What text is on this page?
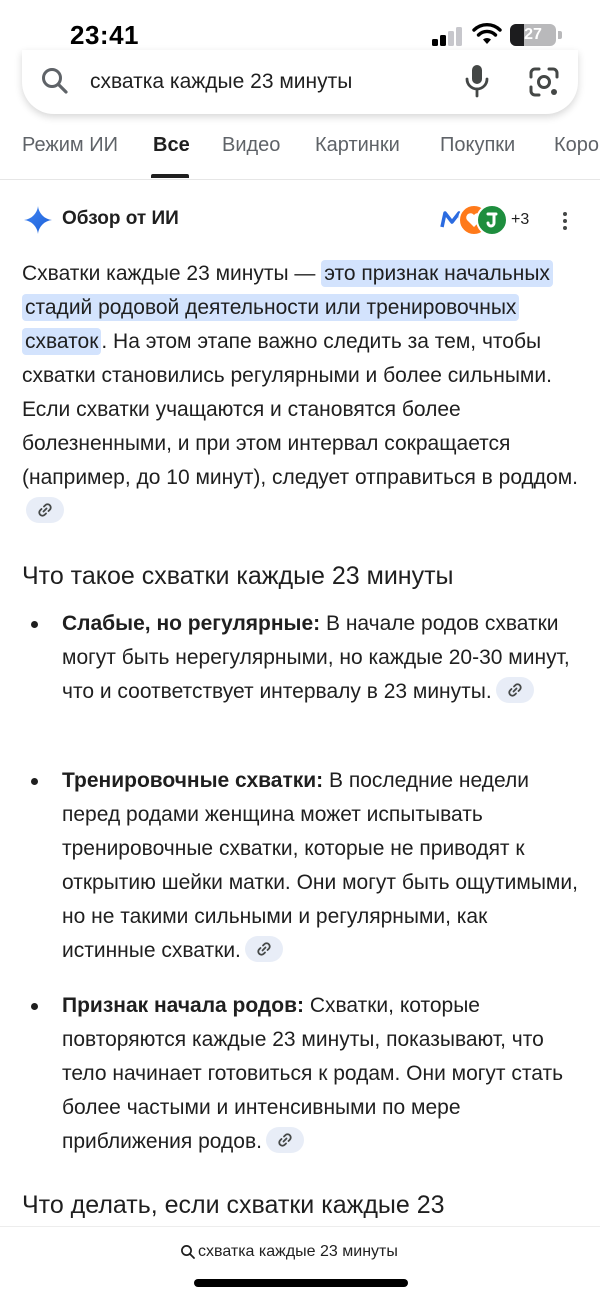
23:41	27
схватка каждые 23 минуты
Режим ИИ Все Видео Картинки Покупки Коро
Обзор от ИИ	+3
Схватки каждые 23 минуты — это признак начальных стадий родовой деятельности или тренировочных схваток . На этом этапе важно следить за тем, чтобы схватки становились регулярными и более сильными. Если схватки учащаются и становятся более болезненными, и при этом интервал сокращается (например, до 10 минут), следует отправиться в роддом.
Что такое схватки каждые 23 минуты
Слабые, но регулярные: В начале родов схватки могут быть нерегулярными, но каждые 20-30 минут, что и соответствует интервалу в 23 минуты.
Тренировочные схватки: В последние недели перед родами женщина может испытывать тренировочные схватки, которые не приводят к открытию шейки матки. Они могут быть ощутимыми, но не такими сильными и регулярными, как истинные схватки.
Признак начала родов: Схватки, которые повторяются каждые 23 минуты, показывают, что тело начинает готовиться к родам. Они могут стать более частыми и интенсивными по мере приближения родов.
Что делать, если схватки каждые 23
схватка каждые 23 минуты
